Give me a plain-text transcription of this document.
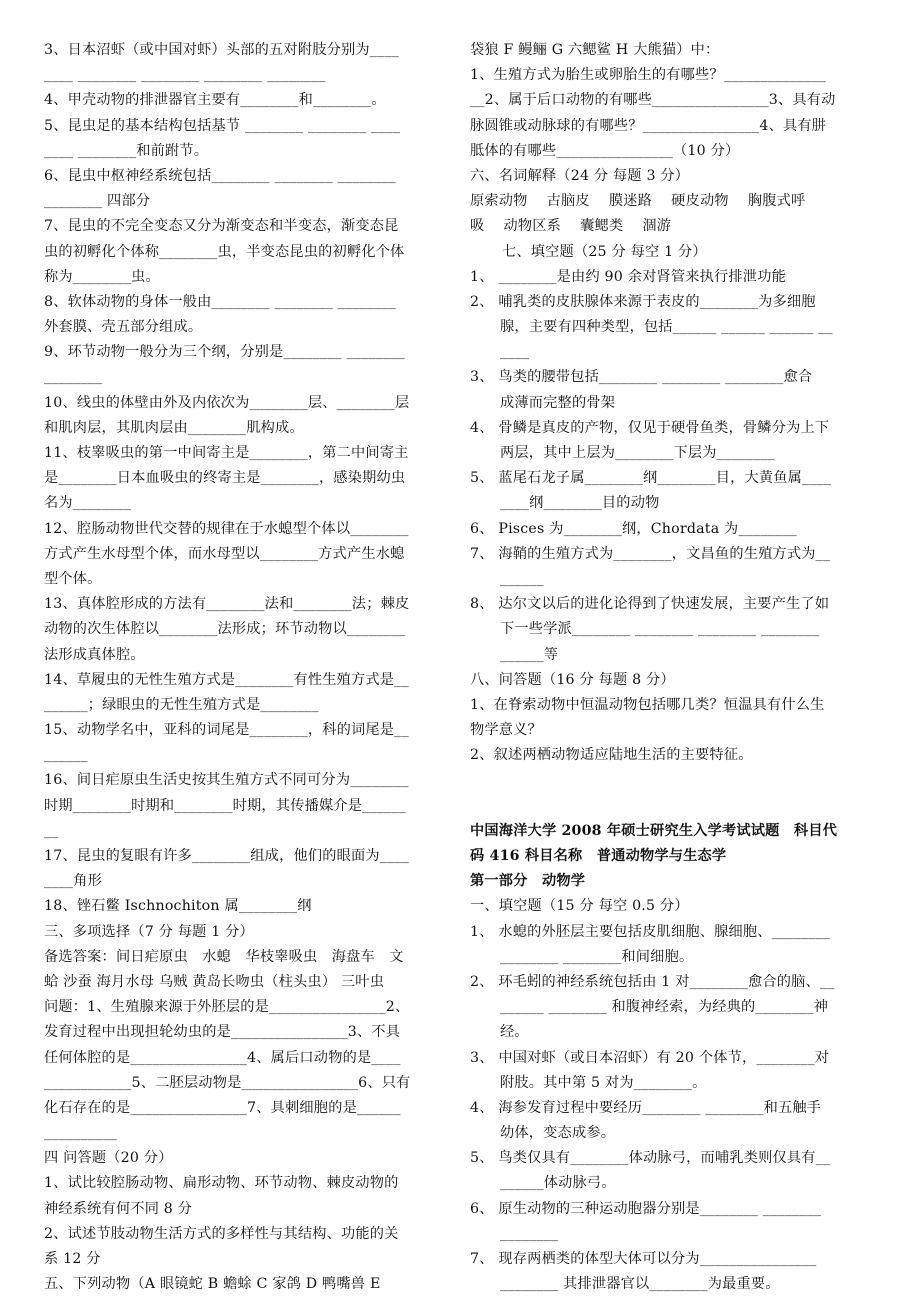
3、日本沼虾（或中国对虾）头部的五对附肢分别为____
____ ________ ________ ________ ________
4、甲壳动物的排泄器官主要有________和________。
5、昆虫足的基本结构包括基节 ________ ________ ____
____ ________和前跗节。
6、昆虫中枢神经系统包括________ ________ ________
________ 四部分
7、昆虫的不完全变态又分为渐变态和半变态，渐变态昆
虫的初孵化个体称________虫，半变态昆虫的初孵化个体
称为________虫。
8、软体动物的身体一般由________ ________ ________
外套膜、壳五部分组成。
9、环节动物一般分为三个纲，分别是________ ________
________
10、线虫的体壁由外及内依次为________层、________层
和肌肉层，其肌肉层由________肌构成。
11、枝睾吸虫的第一中间寄主是________，第二中间寄主
是________日本血吸虫的终寄主是________，感染期幼虫
名为________
12、腔肠动物世代交替的规律在于水螅型个体以________
方式产生水母型个体，而水母型以________方式产生水螅
型个体。
13、真体腔形成的方法有________法和________法；棘皮
动物的次生体腔以________法形成；环节动物以________
法形成真体腔。
14、草履虫的无性生殖方式是________有性生殖方式是__
______；绿眼虫的无性生殖方式是________
15、动物学名中，亚科的词尾是________，科的词尾是__
______
16、间日疟原虫生活史按其生殖方式不同可分为________
时期________时期和________时期，其传播媒介是______
__
17、昆虫的复眼有许多________组成，他们的眼面为____
____角形
18、锉石鳖 Ischnochiton 属________纲
三、多项选择（7 分 每题 1 分）
备选答案：间日疟原虫　水螅　华枝睾吸虫　海盘车　文
蛤 沙蚕 海月水母 乌贼 黄岛长吻虫（柱头虫） 三叶虫
问题：1、生殖腺来源于外胚层的是________________2、
发育过程中出现担轮幼虫的是________________3、不具
任何体腔的是________________4、属后口动物的是____
____________5、二胚层动物是________________6、只有
化石存在的是________________7、具刺细胞的是______
__________
四 问答题（20 分）
1、试比较腔肠动物、扁形动物、环节动物、棘皮动物的
神经系统有何不同 8 分
2、试述节肢动物生活方式的多样性与其结构、功能的关
系 12 分
五、下列动物（A 眼镜蛇 B 蟾蜍 C 家鸽 D 鸭嘴兽 E
袋狼 F 鳗鲡 G 六鳃鲨 H 大熊猫）中：
1、生殖方式为胎生或卵胎生的有哪些？______________
__2、属于后口动物的有哪些________________3、具有动
脉圆锥或动脉球的有哪些？________________4、具有肼
胝体的有哪些________________（10 分）
六、名词解释（24 分 每题 3 分）
原索动物　 古脑皮　 膜迷路　 硬皮动物　 胸腹式呼
吸　 动物区系　 囊鳃类　 涸游
七、填空题（25 分 每空 1 分）
1、 ________是由约 90 余对肾管来执行排泄功能
2、 哺乳类的皮肤腺体来源于表皮的________为多细胞
腺，主要有四种类型，包括______ ______ ______ __
____
3、 鸟类的腰带包括________ ________ ________愈合
成薄而完整的骨架
4、 骨鳞是真皮的产物，仅见于硬骨鱼类，骨鳞分为上下
两层，其中上层为________下层为________
5、 蓝尾石龙子属________纲________目，大黄鱼属____
____纲________目的动物
6、 Pisces 为________纲，Chordata 为________
7、 海鞘的生殖方式为________，文昌鱼的生殖方式为__
______
8、 达尔文以后的进化论得到了快速发展，主要产生了如
下一些学派________ ________ ________ ________
______等
八、问答题（16 分 每题 8 分）
1、在脊索动物中恒温动物包括哪几类？恒温具有什么生
物学意义？
2、叙述两栖动物适应陆地生活的主要特征。
中国海洋大学 2008 年硕士研究生入学考试试题　科目代
码 416 科目名称　普通动物学与生态学
第一部分　动物学
一、填空题（15 分 每空 0.5 分）
1、 水螅的外胚层主要包括皮肌细胞、腺细胞、________
________ ________和间细胞。
2、 环毛蚓的神经系统包括由 1 对________愈合的脑、__
______ ________ 和腹神经索，为经典的________神
经。
3、 中国对虾（或日本沼虾）有 20 个体节，________对
附肢。其中第 5 对为________。
4、 海参发育过程中要经历________ ________和五触手
幼体，变态成参。
5、 鸟类仅具有________体动脉弓，而哺乳类则仅具有__
______体动脉弓。
6、 原生动物的三种运动胞器分别是________ ________
________
7、 现存两栖类的体型大体可以分为________________
________ 其排泄器官以________为最重要。
